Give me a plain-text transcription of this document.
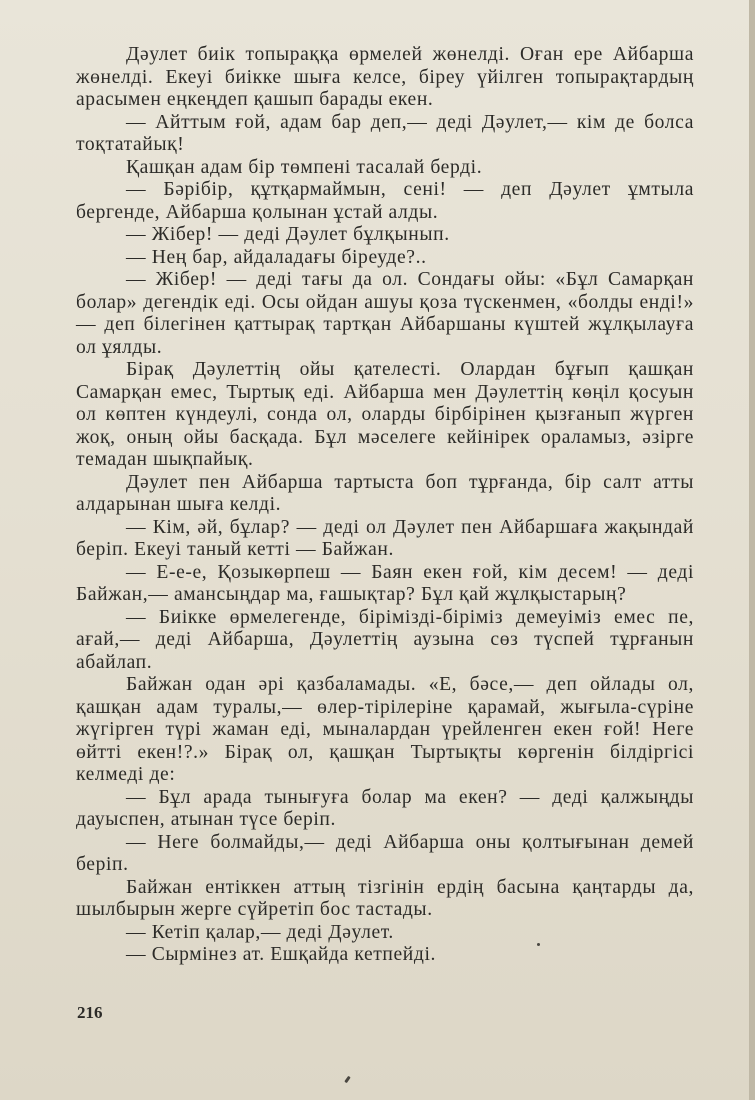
Дәулет биік топыраққа өрмелей жөнелді. Оған ере Айбарша жөнелді. Екеуі биікке шыға келсе, біреу үйілген топырақтардың арасымен еңкеңдеп қашып барады екен.

— Айттым ғой, адам бар деп,— деді Дәулет,— кім де болса тоқтатайық!

Қашқан адам бір төмпені тасалай берді.

— Бәрібір, құтқармаймын, сені! — деп Дәулет ұмтыла бергенде, Айбарша қолынан ұстай алды.

— Жібер! — деді Дәулет бұлқынып.

— Нең бар, айдаладағы біреуде?..

— Жібер! — деді тағы да ол. Сондағы ойы: «Бұл Самарқан болар» дегендік еді. Осы ойдан ашуы қоза түскенмен, «болды енді!» — деп білегінен қаттырақ тартқан Айбаршаны күштей жұлқылауға ол ұялды.

Бірақ Дәулеттің ойы қателесті. Олардан бұғып қашқан Самарқан емес, Тыртық еді. Айбарша мен Дәулеттің көңіл қосуын ол көптен күндеулі, сонда ол, оларды бірбірінен қызғанып жүрген жоқ, оның ойы басқада. Бұл мәселеге кейінірек ораламыз, әзірге темадан шықпайық.

Дәулет пен Айбарша тартыста боп тұрғанда, бір салт атты алдарынан шыға келді.

— Кім, әй, бұлар? — деді ол Дәулет пен Айбаршаға жақындай беріп. Екеуі таный кетті — Байжан.

— Е-е-е, Қозыкөрпеш — Баян екен ғой, кім десем! — деді Байжан,— амансыңдар ма, ғашықтар? Бұл қай жұлқыстарың?

— Биікке өрмелегенде, бірімізді-біріміз демеуіміз емес пе, ағай,— деді Айбарша, Дәулеттің аузына сөз түспей тұрғанын абайлап.

Байжан одан әрі қазбаламады. «Е, бәсе,— деп ойлады ол, қашқан адам туралы,— өлер-тірілеріне қарамай, жығыла-сүріне жүгірген түрі жаман еді, мыналардан үрейленген екен ғой! Неге өйтті екен!?.» Бірақ ол, қашқан Тыртықты көргенін білдіргісі келмеді де:

— Бұл арада тынығуға болар ма екен? — деді қалжыңды дауыспен, атынан түсе беріп.

— Неге болмайды,— деді Айбарша оны қолтығынан демей беріп.

Байжан ентіккен аттың тізгінін ердің басына қаңтарды да, шылбырын жерге сүйретіп бос тастады.

— Кетіп қалар,— деді Дәулет.

— Сырмінез ат. Ешқайда кетпейді.

216
